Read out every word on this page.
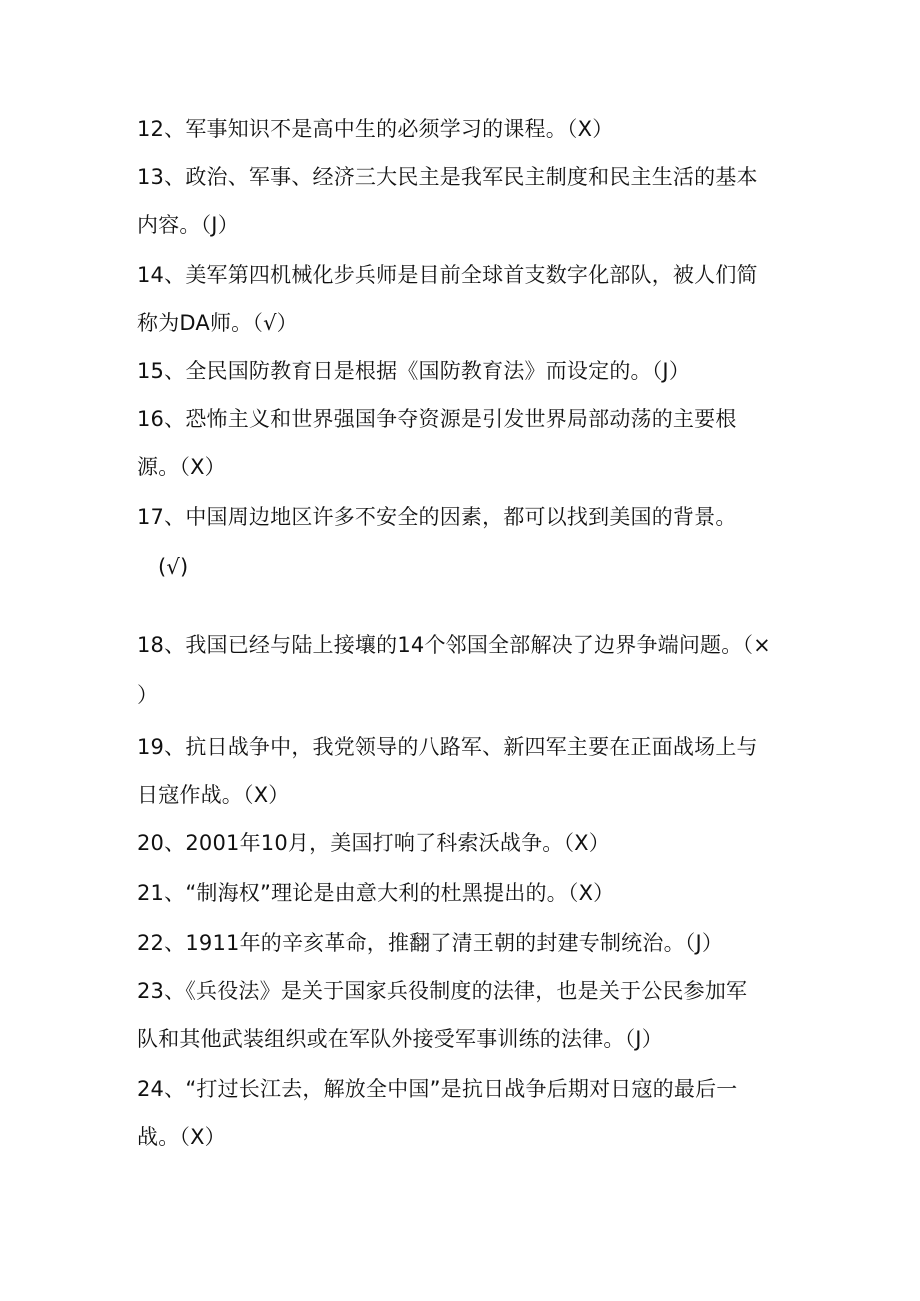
12、军事知识不是高中生的必须学习的课程。（X）
13、政治、军事、经济三大民主是我军民主制度和民主生活的基本
内容。（J）
14、美军第四机械化步兵师是目前全球首支数字化部队，被人们简
称为DA师。（√）
15、全民国防教育日是根据《国防教育法》而设定的。（J）
16、恐怖主义和世界强国争夺资源是引发世界局部动荡的主要根
源。（X）
17、中国周边地区许多不安全的因素，都可以找到美国的背景。
(√)
18、我国已经与陆上接壤的14个邻国全部解决了边界争端问题。（×
）
19、抗日战争中，我党领导的八路军、新四军主要在正面战场上与
日寇作战。（X）
20、2001年10月，美国打响了科索沃战争。（X）
21、“制海权”理论是由意大利的杜黑提出的。（X）
22、1911年的辛亥革命，推翻了清王朝的封建专制统治。（J）
23、《兵役法》是关于国家兵役制度的法律，也是关于公民参加军
队和其他武装组织或在军队外接受军事训练的法律。（J）
24、“打过长江去，解放全中国”是抗日战争后期对日寇的最后一
战。（X）
